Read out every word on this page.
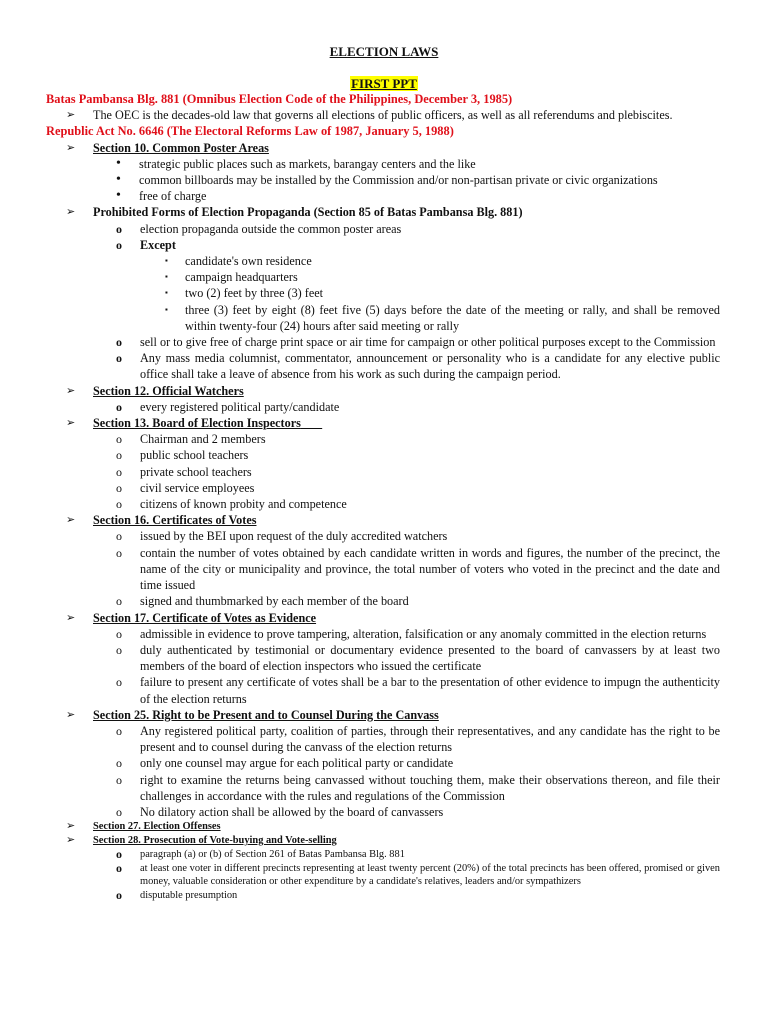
ELECTION LAWS
FIRST PPT
Batas Pambansa Blg. 881 (Omnibus Election Code of the Philippines, December 3, 1985)
➢	The OEC is the decades-old law that governs all elections of public officers, as well as all referendums and plebiscites.
Republic Act No. 6646 (The Electoral Reforms Law of 1987, January 5, 1988)
➢	Section 10. Common Poster Areas
•	strategic public places such as markets, barangay centers and the like
•	common billboards may be installed by the Commission and/or non-partisan private or civic organizations
•	free of charge
➢	Prohibited Forms of Election Propaganda (Section 85 of Batas Pambansa Blg. 881)
o	election propaganda outside the common poster areas
o	Except
▪	candidate's own residence
▪	campaign headquarters
▪	two (2) feet by three (3) feet
▪	three (3) feet by eight (8) feet five (5) days before the date of the meeting or rally, and shall be removed within twenty-four (24) hours after said meeting or rally
o	sell or to give free of charge print space or air time for campaign or other political purposes except to the Commission
o	Any mass media columnist, commentator, announcement or personality who is a candidate for any elective public office shall take a leave of absence from his work as such during the campaign period.
➢	Section 12. Official Watchers
o	every registered political party/candidate
➢	Section 13. Board of Election Inspectors
o	Chairman and 2 members
o	public school teachers
o	private school teachers
o	civil service employees
o	citizens of known probity and competence
➢	Section 16. Certificates of Votes
o	issued by the BEI upon request of the duly accredited watchers
o	contain the number of votes obtained by each candidate written in words and figures, the number of the precinct, the name of the city or municipality and province, the total number of voters who voted in the precinct and the date and time issued
o	signed and thumbmarked by each member of the board
➢	Section 17. Certificate of Votes as Evidence
o	admissible in evidence to prove tampering, alteration, falsification or any anomaly committed in the election returns
o	duly authenticated by testimonial or documentary evidence presented to the board of canvassers by at least two members of the board of election inspectors who issued the certificate
o	failure to present any certificate of votes shall be a bar to the presentation of other evidence to impugn the authenticity of the election returns
➢	Section 25. Right to be Present and to Counsel During the Canvass
o	Any registered political party, coalition of parties, through their representatives, and any candidate has the right to be present and to counsel during the canvass of the election returns
o	only one counsel may argue for each political party or candidate
o	right to examine the returns being canvassed without touching them, make their observations thereon, and file their challenges in accordance with the rules and regulations of the Commission
o	No dilatory action shall be allowed by the board of canvassers
➢	Section 27. Election Offenses
➢	Section 28. Prosecution of Vote-buying and Vote-selling
o	paragraph (a) or (b) of Section 261 of Batas Pambansa Blg. 881
o	at least one voter in different precincts representing at least twenty percent (20%) of the total precincts has been offered, promised or given money, valuable consideration or other expenditure by a candidate's relatives, leaders and/or sympathizers
o	disputable presumption
